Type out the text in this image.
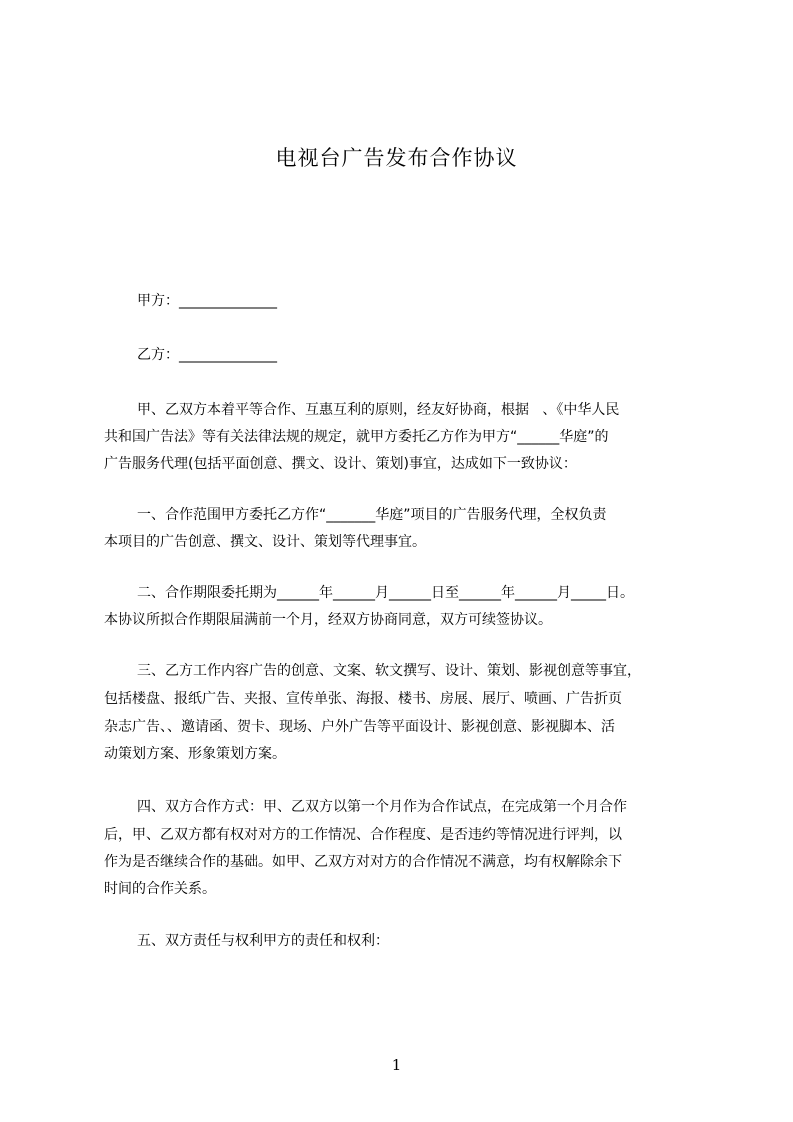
电视台广告发布合作协议
甲方：______________
乙方：______________
甲、乙双方本着平等合作、互惠互利的原则，经友好协商，根据   、《中华人民
共和国广告法》等有关法律法规的规定，就甲方委托乙方作为甲方“______华庭”的
广告服务代理(包括平面创意、撰文、设计、策划)事宜，达成如下一致协议：
一、合作范围甲方委托乙方作“_______华庭”项目的广告服务代理，全权负责
本项目的广告创意、撰文、设计、策划等代理事宜。
二、合作期限委托期为______年______月______日至______年______月_____日。
本协议所拟合作期限届满前一个月，经双方协商同意，双方可续签协议。
三、乙方工作内容广告的创意、文案、软文撰写、设计、策划、影视创意等事宜，
包括楼盘、报纸广告、夹报、宣传单张、海报、楼书、房展、展厅、喷画、广告折页
杂志广告、、邀请函、贺卡、现场、户外广告等平面设计、影视创意、影视脚本、活
动策划方案、形象策划方案。
四、双方合作方式：甲、乙双方以第一个月作为合作试点，在完成第一个月合作
后，甲、乙双方都有权对对方的工作情况、合作程度、是否违约等情况进行评判，以
作为是否继续合作的基础。如甲、乙双方对对方的合作情况不满意，均有权解除余下
时间的合作关系。
五、双方责任与权利甲方的责任和权利：
1
